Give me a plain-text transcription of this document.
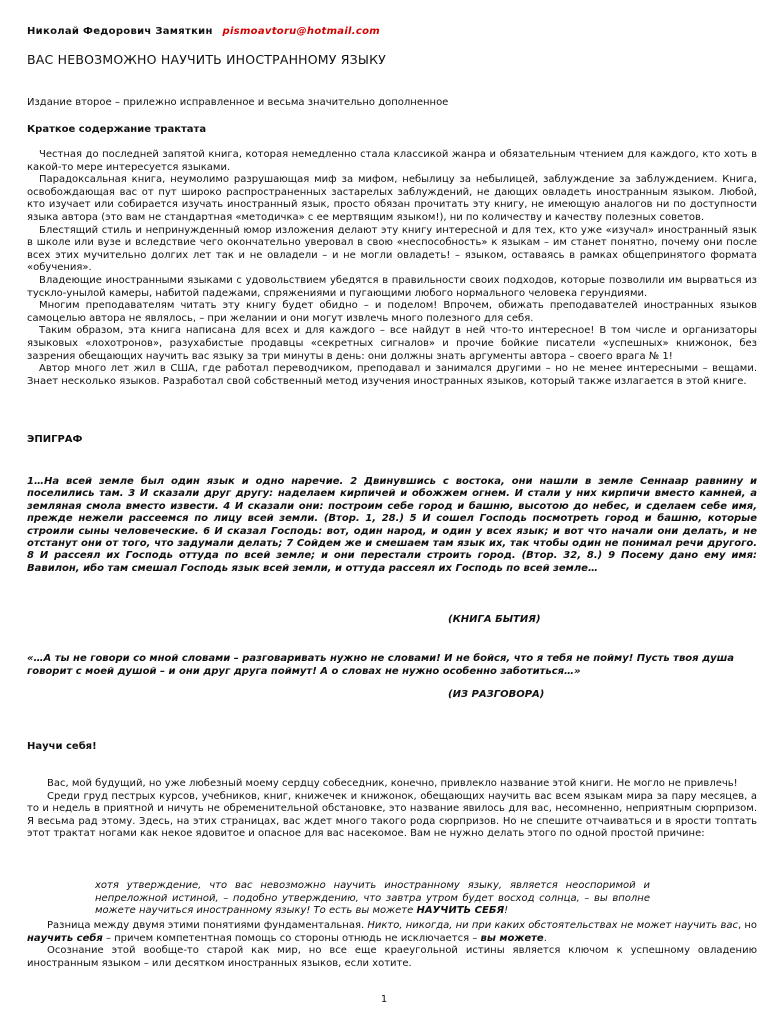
Николай Федорович Замяткин pismoavtoru@hotmail.com
ВАС НЕВОЗМОЖНО НАУЧИТЬ ИНОСТРАННОМУ ЯЗЫКУ
Издание второе – прилежно исправленное и весьма значительно дополненное
Краткое содержание трактата

Честная до последней запятой книга, которая немедленно стала классикой жанра и обязательным чтением для каждого, кто хоть в какой-то мере интересуется языками.

Парадоксальная книга, неумолимо разрушающая миф за мифом, небылицу за небылицей, заблуждение за заблуждением. Книга, освобождающая вас от пут широко распространенных застарелых заблуждений, не дающих овладеть иностранным языком. Любой, кто изучает или собирается изучать иностранный язык, просто обязан прочитать эту книгу, не имеющую аналогов ни по доступности языка автора (это вам не стандартная «методичка» с ее мертвящим языком!), ни по количеству и качеству полезных советов.

Блестящий стиль и непринужденный юмор изложения делают эту книгу интересной и для тех, кто уже «изучал» иностранный язык в школе или вузе и вследствие чего окончательно уверовал в свою «неспособность» к языкам – им станет понятно, почему они после всех этих мучительно долгих лет так и не овладели – и не могли овладеть! – языком, оставаясь в рамках общепринятого формата «обучения».

Владеющие иностранными языками с удовольствием убедятся в правильности своих подходов, которые позволили им вырваться из тускло-унылой камеры, набитой падежами, спряжениями и пугающими любого нормального человека герундиями.

Многим преподавателям читать эту книгу будет обидно – и поделом! Впрочем, обижать преподавателей иностранных языков самоцелью автора не являлось, – при желании и они могут извлечь много полезного для себя.

Таким образом, эта книга написана для всех и для каждого – все найдут в ней что-то интересное! В том числе и организаторы языковых «лохотронов», разухабистые продавцы «секретных сигналов» и прочие бойкие писатели «успешных» книжонок, без зазрения обещающих научить вас языку за три минуты в день: они должны знать аргументы автора – своего врага № 1!

Автор много лет жил в США, где работал переводчиком, преподавал и занимался другими – но не менее интересными – вещами. Знает несколько языков. Разработал свой собственный метод изучения иностранных языков, который также излагается в этой книге.

ЭПИГРАФ
1…На всей земле был один язык и одно наречие. 2 Двинувшись с востока, они нашли в земле Сеннаар равнину и поселились там. 3 И сказали друг другу: наделаем кирпичей и обожжем огнем. И стали у них кирпичи вместо камней, а земляная смола вместо извести. 4 И сказали они: построим себе город и башню, высотою до небес, и сделаем себе имя, прежде нежели рассеемся по лицу всей земли. (Втор. 1, 28.) 5 И сошел Господь посмотреть город и башню, которые строили сыны человеческие. 6 И сказал Господь: вот, один народ, и один у всех язык; и вот что начали они делать, и не отстанут они от того, что задумали делать; 7 Сойдем же и смешаем там язык их, так чтобы один не понимал речи другого. 8 И рассеял их Господь оттуда по всей земле; и они перестали строить город. (Втор. 32, 8.) 9 Посему дано ему имя: Вавилон, ибо там смешал Господь язык всей земли, и оттуда рассеял их Господь по всей земле…
(КНИГА БЫТИЯ)
«…А ты не говори со мной словами – разговаривать нужно не словами! И не бойся, что я тебя не пойму! Пусть твоя душа говорит с моей душой – и они друг друга поймут! А о словах не нужно особенно заботиться…»
(ИЗ РАЗГОВОРА)
Научи себя!

Вас, мой будущий, но уже любезный моему сердцу собеседник, конечно, привлекло название этой книги. Не могло не привлечь!

Среди груд пестрых курсов, учебников, книг, книжечек и книжонок, обещающих научить вас всем языкам мира за пару месяцев, а то и недель в приятной и ничуть не обременительной обстановке, это название явилось для вас, несомненно, неприятным сюрпризом. Я весьма рад этому. Здесь, на этих страницах, вас ждет много такого рода сюрпризов. Но не спешите отчаиваться и в ярости топтать этот трактат ногами как некое ядовитое и опасное для вас насекомое. Вам не нужно делать этого по одной простой причине:

хотя утверждение, что вас невозможно научить иностранному языку, является неоспоримой и непреложной истиной, – подобно утверждению, что завтра утром будет восход солнца, – вы вполне можете научиться иностранному языку! То есть вы можете НАУЧИТЬ СЕБЯ!

Разница между двумя этими понятиями фундаментальная. Никто, никогда, ни при каких обстоятельствах не может научить вас, но научить себя – причем компетентная помощь со стороны отнюдь не исключается – вы можете.

Осознание этой вообще-то старой как мир, но все еще краеугольной истины является ключом к успешному овладению иностранным языком – или десятком иностранных языков, если хотите.

1
